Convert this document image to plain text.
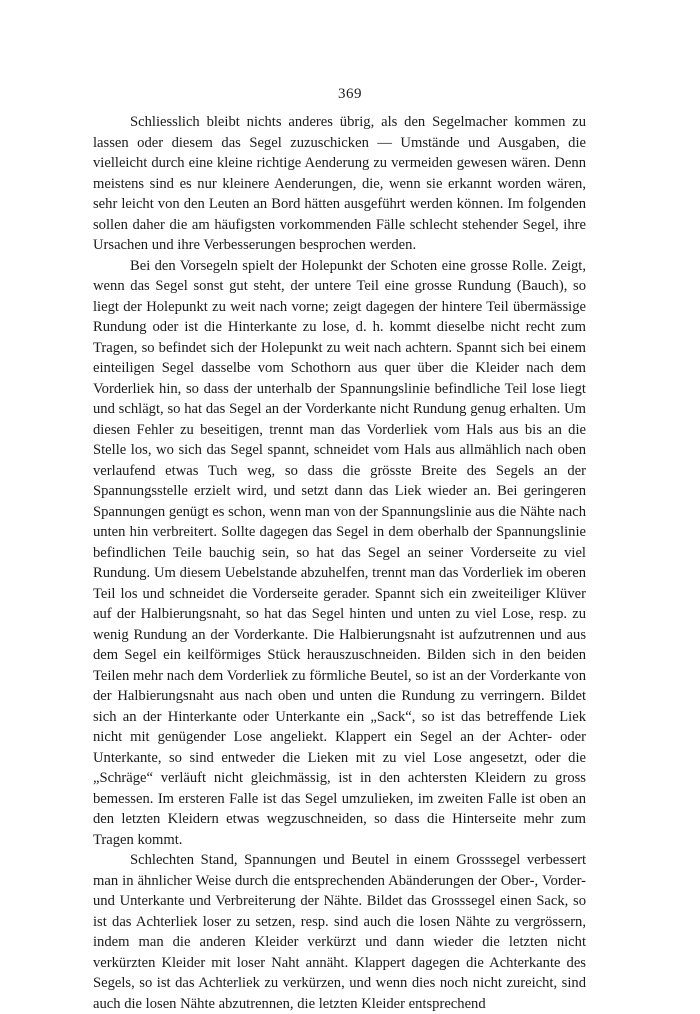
369

Schliesslich bleibt nichts anderes übrig, als den Segelmacher kommen zu lassen oder diesem das Segel zuzuschicken — Umstände und Ausgaben, die vielleicht durch eine kleine richtige Aenderung zu vermeiden gewesen wären. Denn meistens sind es nur kleinere Aenderungen, die, wenn sie erkannt worden wären, sehr leicht von den Leuten an Bord hätten ausgeführt werden können. Im folgenden sollen daher die am häufigsten vorkommenden Fälle schlecht stehender Segel, ihre Ursachen und ihre Verbesserungen besprochen werden.

Bei den Vorsegeln spielt der Holepunkt der Schoten eine grosse Rolle. Zeigt, wenn das Segel sonst gut steht, der untere Teil eine grosse Rundung (Bauch), so liegt der Holepunkt zu weit nach vorne; zeigt dagegen der hintere Teil übermässige Rundung oder ist die Hinterkante zu lose, d. h. kommt dieselbe nicht recht zum Tragen, so befindet sich der Holepunkt zu weit nach achtern. Spannt sich bei einem einteiligen Segel dasselbe vom Schothorn aus quer über die Kleider nach dem Vorderliek hin, so dass der unterhalb der Spannungslinie befindliche Teil lose liegt und schlägt, so hat das Segel an der Vorderkante nicht Rundung genug erhalten. Um diesen Fehler zu beseitigen, trennt man das Vorderliek vom Hals aus bis an die Stelle los, wo sich das Segel spannt, schneidet vom Hals aus allmählich nach oben verlaufend etwas Tuch weg, so dass die grösste Breite des Segels an der Spannungsstelle erzielt wird, und setzt dann das Liek wieder an. Bei geringeren Spannungen genügt es schon, wenn man von der Spannungslinie aus die Nähte nach unten hin verbreitert. Sollte dagegen das Segel in dem oberhalb der Spannungslinie befindlichen Teile bauchig sein, so hat das Segel an seiner Vorderseite zu viel Rundung. Um diesem Uebelstande abzuhelfen, trennt man das Vorderliek im oberen Teil los und schneidet die Vorderseite gerader. Spannt sich ein zweiteiliger Klüver auf der Halbierungsnaht, so hat das Segel hinten und unten zu viel Lose, resp. zu wenig Rundung an der Vorderkante. Die Halbierungsnaht ist aufzutrennen und aus dem Segel ein keilförmiges Stück herauszuschneiden. Bilden sich in den beiden Teilen mehr nach dem Vorderliek zu förmliche Beutel, so ist an der Vorderkante von der Halbierungsnaht aus nach oben und unten die Rundung zu verringern. Bildet sich an der Hinterkante oder Unterkante ein „Sack“, so ist das betreffende Liek nicht mit genügender Lose angeliekt. Klappert ein Segel an der Achter- oder Unterkante, so sind entweder die Lieken mit zu viel Lose angesetzt, oder die „Schräge“ verläuft nicht gleichmässig, ist in den achtersten Kleidern zu gross bemessen. Im ersteren Falle ist das Segel umzulieken, im zweiten Falle ist oben an den letzten Kleidern etwas wegzuschneiden, so dass die Hinterseite mehr zum Tragen kommt.

Schlechten Stand, Spannungen und Beutel in einem Grosssegel verbessert man in ähnlicher Weise durch die entsprechenden Abänderungen der Ober-, Vorder- und Unterkante und Verbreiterung der Nähte. Bildet das Grosssegel einen Sack, so ist das Achterliek loser zu setzen, resp. sind auch die losen Nähte zu vergrössern, indem man die anderen Kleider verkürzt und dann wieder die letzten nicht verkürzten Kleider mit loser Naht annäht. Klappert dagegen die Achterkante des Segels, so ist das Achterliek zu verkürzen, und wenn dies noch nicht zureicht, sind auch die losen Nähte abzutrennen, die letzten Kleider entsprechend
